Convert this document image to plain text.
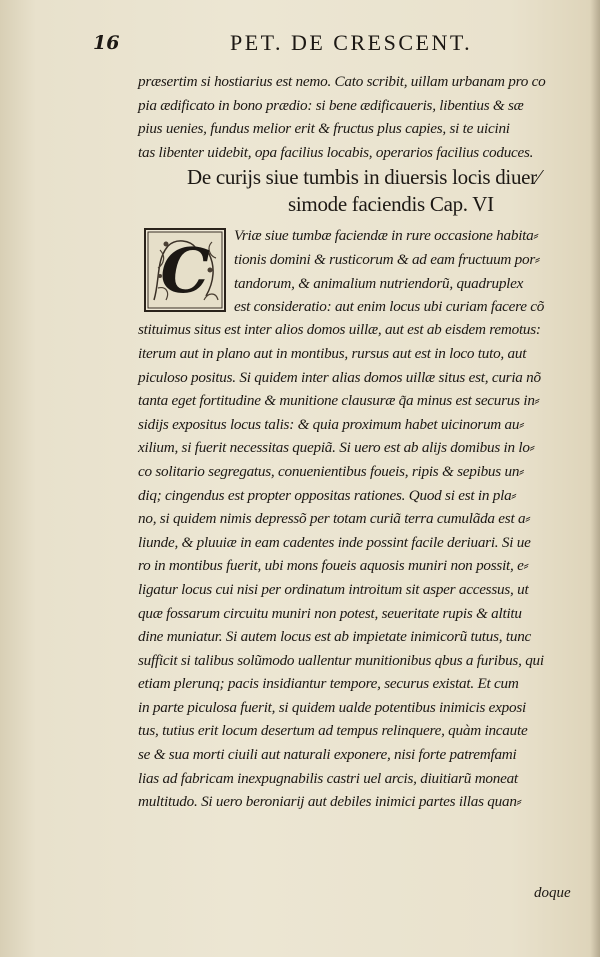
16	PET. DE CRESCENT.
præsertim si hostiarius est nemo. Cato scribit, uillam urbanam pro co
pia ædificato in bono prædio: si bene ædificaueris, libentius & sæ
pius uenies, fundus melior erit & fructus plus capies, si te uicini
tas libenter uidebit, opa facilius locabis, operarios facilius coduces.
De curijs siue tumbis in diuersis locis diuer⁄
simode faciendis Cap. VI
C	Vriæ siue tumbæ faciendæ in rure occasione habita⸗
tionis domini & rusticorum & ad eam fructuum por⸗
tandorum, & animalium nutriendorũ, quadruplex
est consideratio: aut enim locus ubi curiam facere cõ
stituimus situs est inter alios domos uillæ, aut est ab eisdem remotus:
iterum aut in plano aut in montibus, rursus aut est in loco tuto, aut
piculoso positus. Si quidem inter alias domos uillæ situs est, curia nõ
tanta eget fortitudine & munitione clausuræ q̃a minus est securus in⸗
sidijs expositus locus talis: & quia proximum habet uicinorum au⸗
xilium, si fuerit necessitas quepiã. Si uero est ab alijs domibus in lo⸗
co solitario segregatus, conuenientibus foueis, ripis & sepibus un⸗
diq; cingendus est propter oppositas rationes. Quod si est in pla⸗
no, si quidem nimis depressõ per totam curiã terra cumulãda est a⸗
liunde, & pluuiæ in eam cadentes inde possint facile deriuari. Si ue
ro in montibus fuerit, ubi mons foueis aquosis muniri non possit, e⸗
ligatur locus cui nisi per ordinatum introitum sit asper accessus, ut
quæ fossarum circuitu muniri non potest, seueritate rupis & altitu
dine muniatur. Si autem locus est ab impietate inimicorũ tutus, tunc
sufficit si talibus solũmodo uallentur munitionibus qbus a furibus, qui
etiam plerunq; pacis insidiantur tempore, securus existat. Et cum
in parte piculosa fuerit, si quidem ualde potentibus inimicis exposi
tus, tutius erit locum desertum ad tempus relinquere, quàm incaute
se & sua morti ciuili aut naturali exponere, nisi forte patremfami
lias ad fabricam inexpugnabilis castri uel arcis, diuitiarũ moneat
multitudo. Si uero beroniarij aut debiles inimici partes illas quan⸗
doque
